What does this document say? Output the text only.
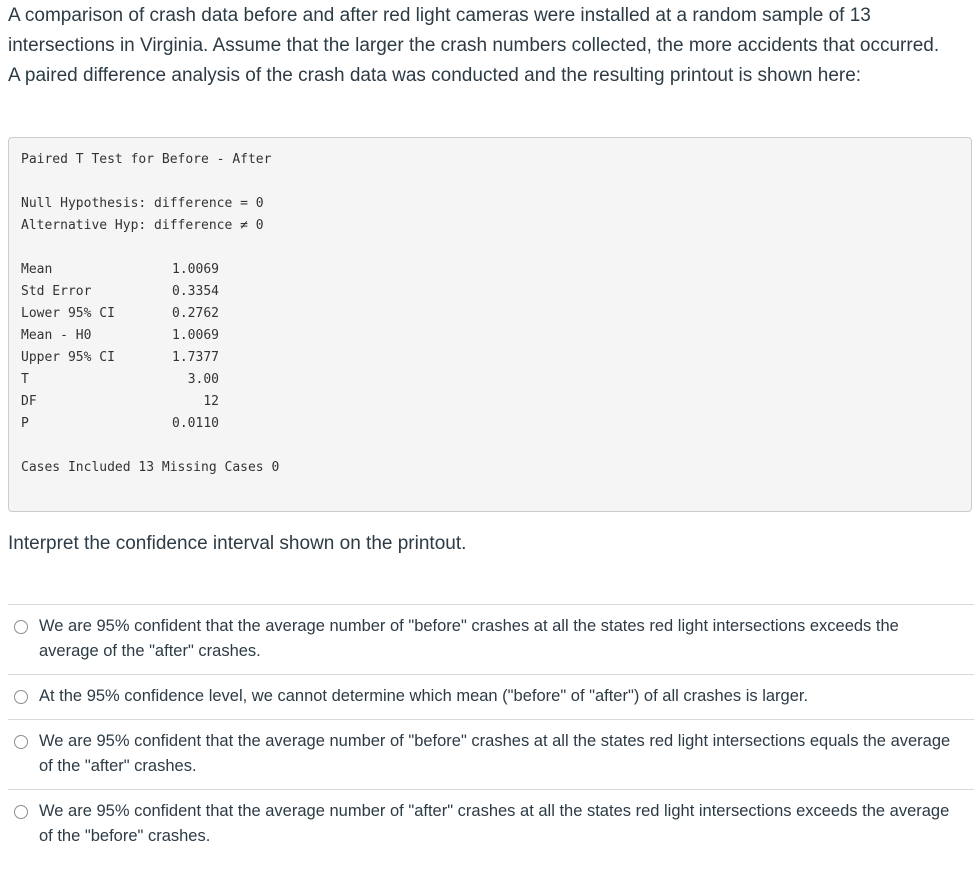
A comparison of crash data before and after red light cameras were installed at a random sample of 13 intersections in Virginia. Assume that the larger the crash numbers collected, the more accidents that occurred. A paired difference analysis of the crash data was conducted and the resulting printout is shown here:

Paired T Test for Before - After
Null Hypothesis: difference = 0
Alternative Hyp: difference ≠ 0
Mean	1.0069
Std Error	0.3354
Lower 95% CI	0.2762
Mean - H0	1.0069
Upper 95% CI	1.7377
T	3.00
DF	12
P	0.0110
Cases Included 13 Missing Cases 0

Interpret the confidence interval shown on the printout.

We are 95% confident that the average number of "before" crashes at all the states red light intersections exceeds the average of the "after" crashes.
At the 95% confidence level, we cannot determine which mean ("before" of "after") of all crashes is larger.
We are 95% confident that the average number of "before" crashes at all the states red light intersections equals the average of the "after" crashes.
We are 95% confident that the average number of "after" crashes at all the states red light intersections exceeds the average of the "before" crashes.
